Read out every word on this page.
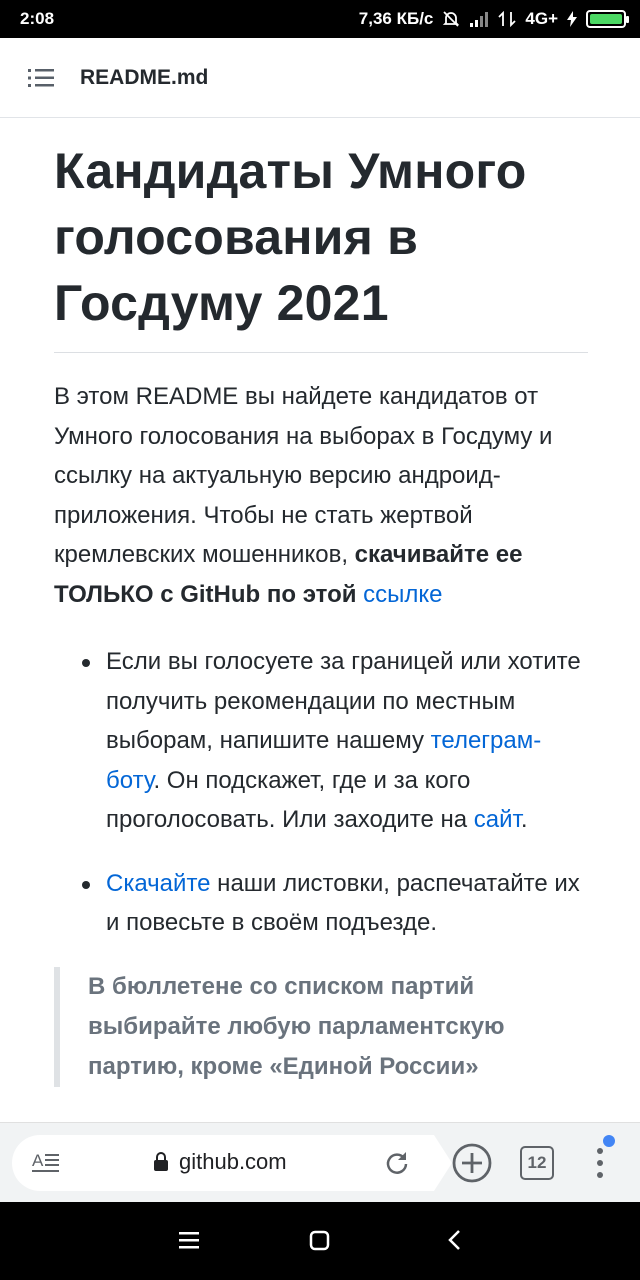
2:08	7,36 КБ/с	4G+
README.md
Кандидаты Умного голосования в Госдуму 2021

В этом README вы найдете кандидатов от Умного голосования на выборах в Госдуму и ссылку на актуальную версию андроид-приложения. Чтобы не стать жертвой кремлевских мошенников, скачивайте ее ТОЛЬКО с GitHub по этой ссылке

Если вы голосуете за границей или хотите получить рекомендации по местным выборам, напишите нашему телеграм-боту. Он подскажет, где и за кого проголосовать. Или заходите на сайт.
Скачайте наши листовки, распечатайте их и повесьте в своём подъезде.
В бюллетене со списком партий выбирайте любую парламентскую партию, кроме «Единой России»
A	github.com	12
